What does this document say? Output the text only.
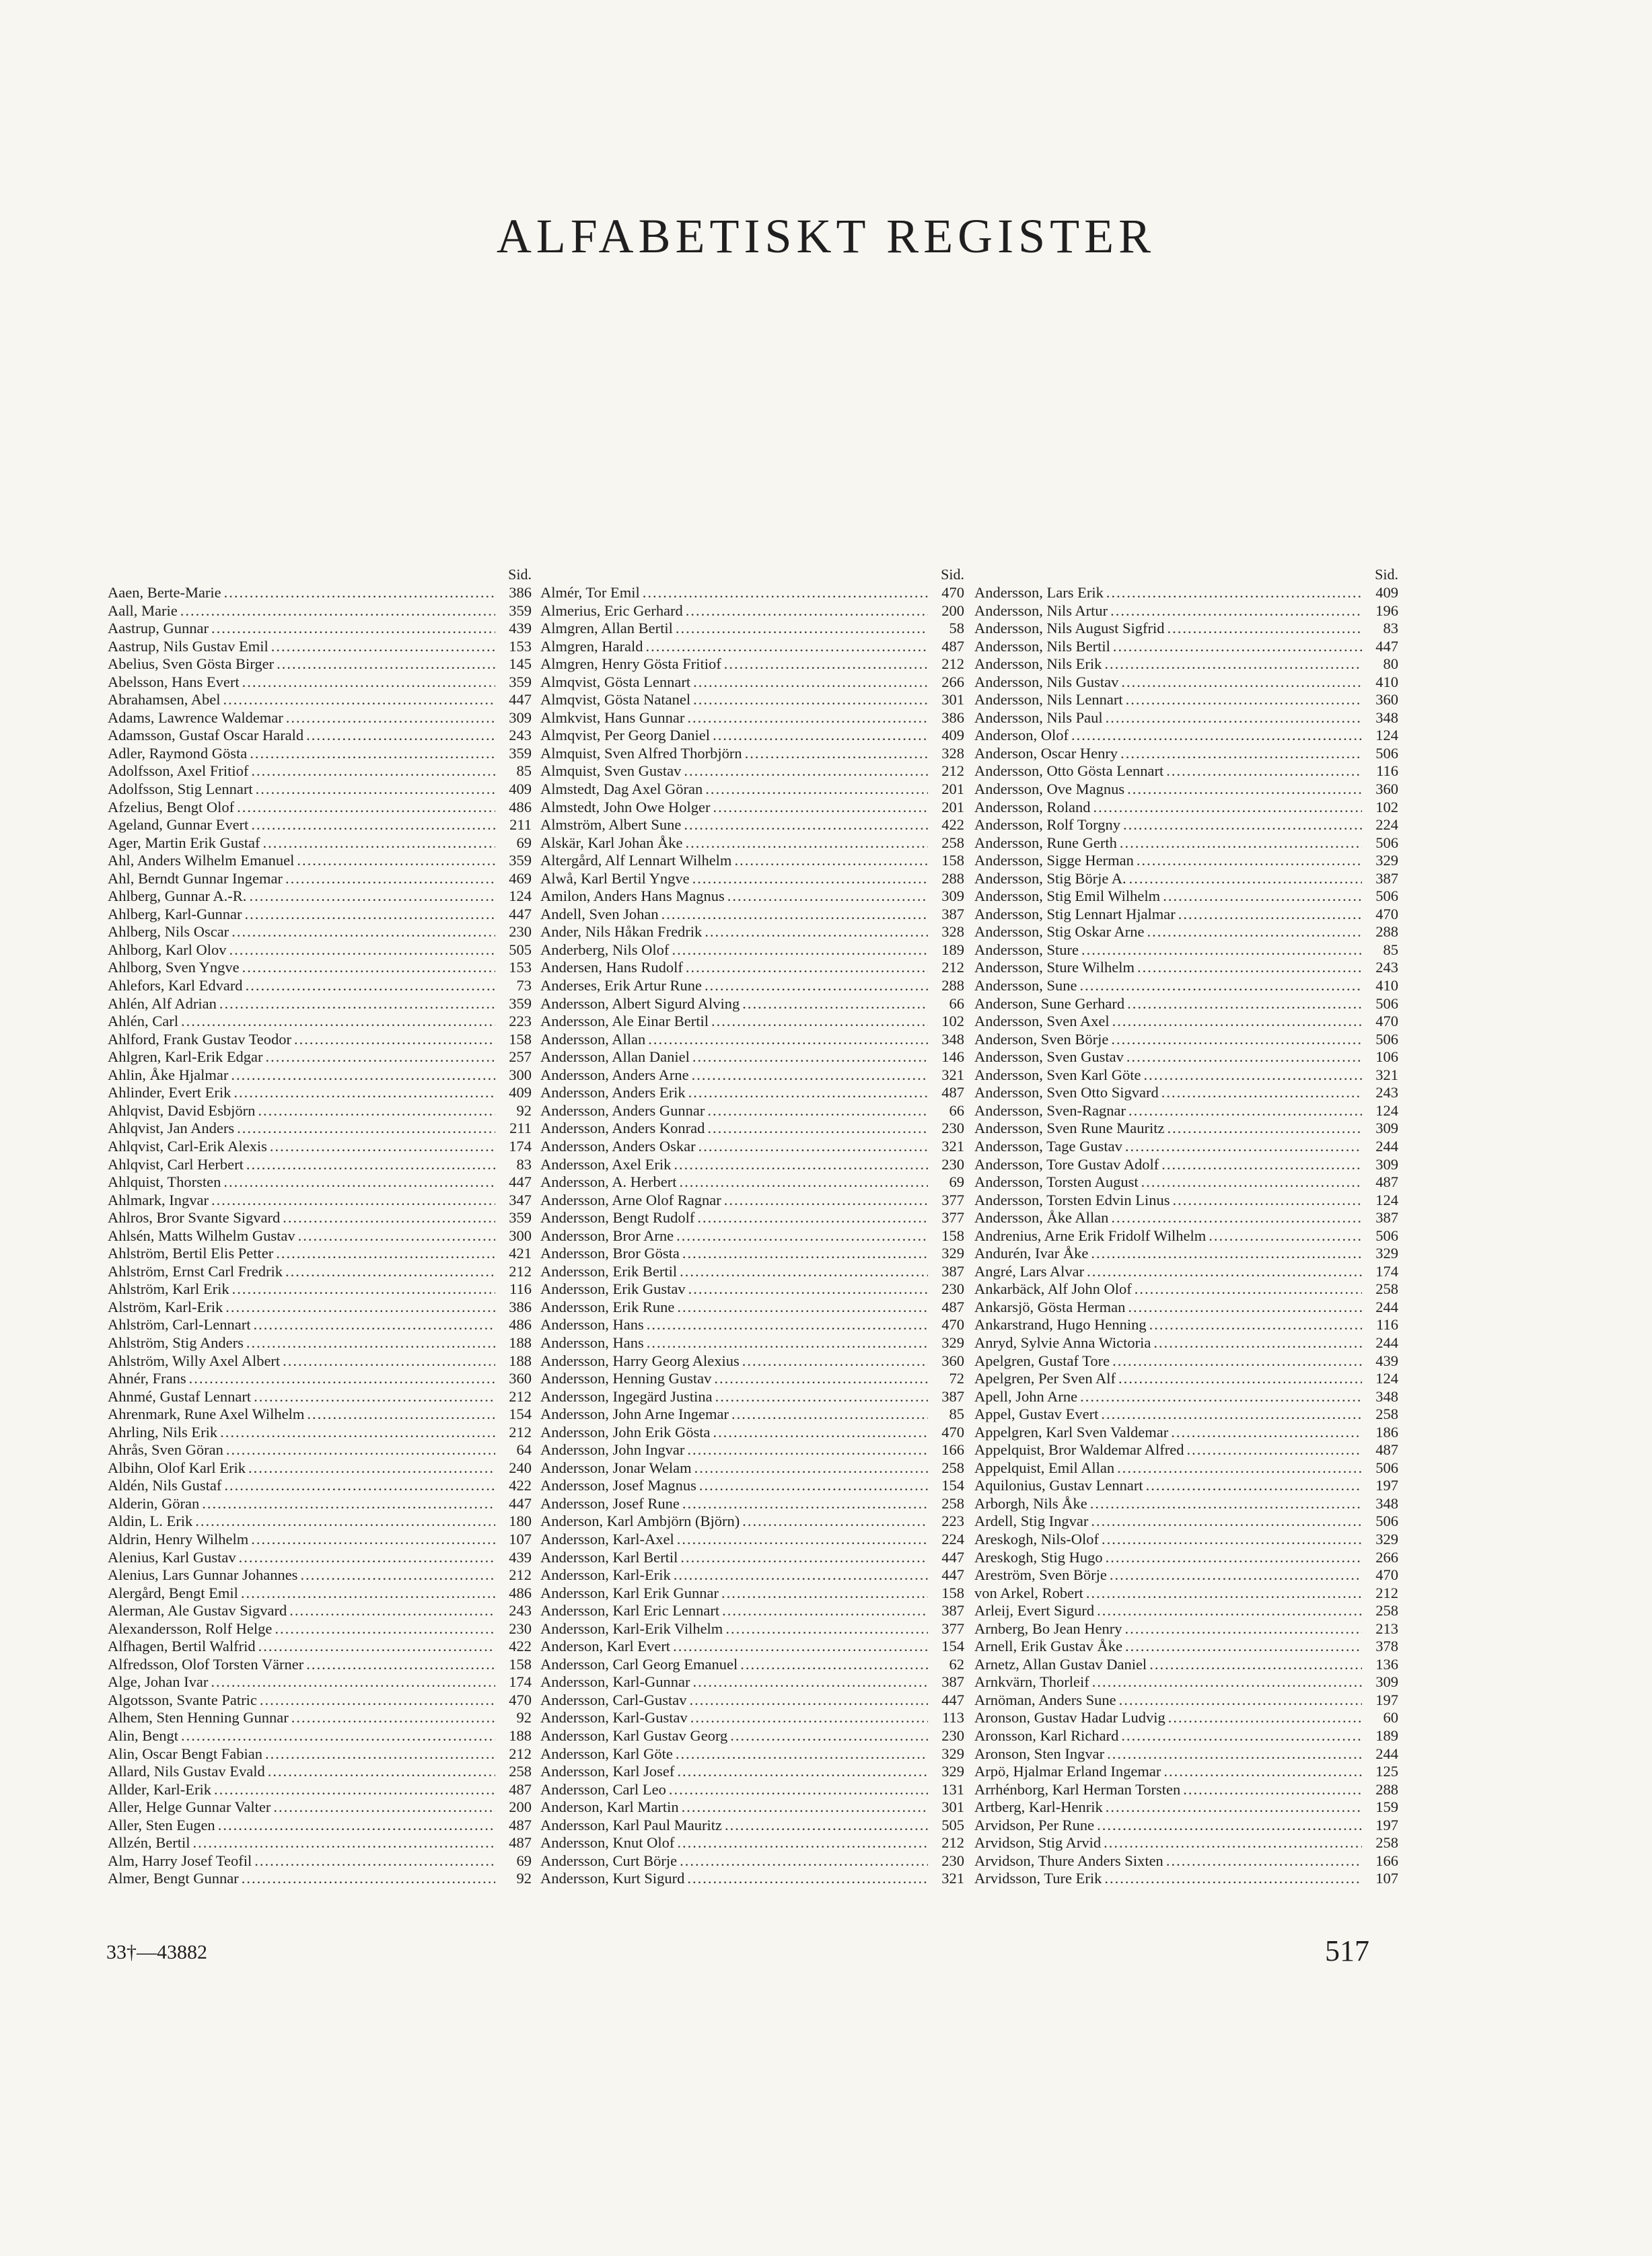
ALFABETISKT REGISTER
Sid.
Aaen, Berte-Marie .....	386
Aall, Marie .....	359
Aastrup, Gunnar .....	439
Aastrup, Nils Gustav Emil .....	153
Abelius, Sven Gösta Birger .....	145
Abelsson, Hans Evert .....	359
Abrahamsen, Abel .....	447
Adams, Lawrence Waldemar .....	309
Adamsson, Gustaf Oscar Harald .....	243
Adler, Raymond Gösta .....	359
Adolfsson, Axel Fritiof .....	85
Adolfsson, Stig Lennart .....	409
Afzelius, Bengt Olof .....	486
Ageland, Gunnar Evert .....	211
Ager, Martin Erik Gustaf .....	69
Ahl, Anders Wilhelm Emanuel .....	359
Ahl, Berndt Gunnar Ingemar .....	469
Ahlberg, Gunnar A.-R. .....	124
Ahlberg, Karl-Gunnar .....	447
Ahlberg, Nils Oscar .....	230
Ahlborg, Karl Olov .....	505
Ahlborg, Sven Yngve .....	153
Ahlefors, Karl Edvard .....	73
Ahlén, Alf Adrian .....	359
Ahlén, Carl .....	223
Ahlford, Frank Gustav Teodor .....	158
Ahlgren, Karl-Erik Edgar .....	257
Ahlin, Åke Hjalmar .....	300
Ahlinder, Evert Erik .....	409
Ahlqvist, David Esbjörn .....	92
Ahlqvist, Jan Anders .....	211
Ahlqvist, Carl-Erik Alexis .....	174
Ahlqvist, Carl Herbert .....	83
Ahlquist, Thorsten .....	447
Ahlmark, Ingvar .....	347
Ahlros, Bror Svante Sigvard .....	359
Ahlsén, Matts Wilhelm Gustav .....	300
Ahlström, Bertil Elis Petter .....	421
Ahlström, Ernst Carl Fredrik .....	212
Ahlström, Karl Erik .....	116
Alström, Karl-Erik .....	386
Ahlström, Carl-Lennart .....	486
Ahlström, Stig Anders .....	188
Ahlström, Willy Axel Albert .....	188
Ahnér, Frans .....	360
Ahnmé, Gustaf Lennart .....	212
Ahrenmark, Rune Axel Wilhelm .....	154
Ahrling, Nils Erik .....	212
Ahrås, Sven Göran .....	64
Albihn, Olof Karl Erik .....	240
Aldén, Nils Gustaf .....	422
Alderin, Göran .....	447
Aldin, L. Erik .....	180
Aldrin, Henry Wilhelm .....	107
Alenius, Karl Gustav .....	439
Alenius, Lars Gunnar Johannes .....	212
Alergård, Bengt Emil .....	486
Alerman, Ale Gustav Sigvard .....	243
Alexandersson, Rolf Helge .....	230
Alfhagen, Bertil Walfrid .....	422
Alfredsson, Olof Torsten Värner .....	158
Alge, Johan Ivar .....	174
Algotsson, Svante Patric .....	470
Alhem, Sten Henning Gunnar .....	92
Alin, Bengt .....	188
Alin, Oscar Bengt Fabian .....	212
Allard, Nils Gustav Evald .....	258
Allder, Karl-Erik .....	487
Aller, Helge Gunnar Valter .....	200
Aller, Sten Eugen .....	487
Allzén, Bertil .....	487
Alm, Harry Josef Teofil .....	69
Almer, Bengt Gunnar .....	92
Sid.
Almér, Tor Emil .....	470
Almerius, Eric Gerhard .....	200
Almgren, Allan Bertil .....	58
Almgren, Harald .....	487
Almgren, Henry Gösta Fritiof .....	212
Almqvist, Gösta Lennart .....	266
Almqvist, Gösta Natanel .....	301
Almkvist, Hans Gunnar .....	386
Almqvist, Per Georg Daniel .....	409
Almquist, Sven Alfred Thorbjörn .....	328
Almquist, Sven Gustav .....	212
Almstedt, Dag Axel Göran .....	201
Almstedt, John Owe Holger .....	201
Almström, Albert Sune .....	422
Alskär, Karl Johan Åke .....	258
Altergård, Alf Lennart Wilhelm .....	158
Alwå, Karl Bertil Yngve .....	288
Amilon, Anders Hans Magnus .....	309
Andell, Sven Johan .....	387
Ander, Nils Håkan Fredrik .....	328
Anderberg, Nils Olof .....	189
Andersen, Hans Rudolf .....	212
Anderses, Erik Artur Rune .....	288
Andersson, Albert Sigurd Alving .....	66
Andersson, Ale Einar Bertil .....	102
Andersson, Allan .....	348
Andersson, Allan Daniel .....	146
Andersson, Anders Arne .....	321
Andersson, Anders Erik .....	487
Andersson, Anders Gunnar .....	66
Andersson, Anders Konrad .....	230
Andersson, Anders Oskar .....	321
Andersson, Axel Erik .....	230
Andersson, A. Herbert .....	69
Andersson, Arne Olof Ragnar .....	377
Andersson, Bengt Rudolf .....	377
Andersson, Bror Arne .....	158
Andersson, Bror Gösta .....	329
Andersson, Erik Bertil .....	387
Andersson, Erik Gustav .....	230
Andersson, Erik Rune .....	487
Andersson, Hans .....	470
Andersson, Hans .....	329
Andersson, Harry Georg Alexius .....	360
Andersson, Henning Gustav .....	72
Andersson, Ingegärd Justina .....	387
Andersson, John Arne Ingemar .....	85
Andersson, John Erik Gösta .....	470
Andersson, John Ingvar .....	166
Andersson, Jonar Welam .....	258
Andersson, Josef Magnus .....	154
Andersson, Josef Rune .....	258
Anderson, Karl Ambjörn (Björn) .....	223
Andersson, Karl-Axel .....	224
Andersson, Karl Bertil .....	447
Andersson, Karl-Erik .....	447
Andersson, Karl Erik Gunnar .....	158
Andersson, Karl Eric Lennart .....	387
Andersson, Karl-Erik Vilhelm .....	377
Anderson, Karl Evert .....	154
Andersson, Carl Georg Emanuel .....	62
Andersson, Karl-Gunnar .....	387
Andersson, Carl-Gustav .....	447
Andersson, Karl-Gustav .....	113
Andersson, Karl Gustav Georg .....	230
Andersson, Karl Göte .....	329
Andersson, Karl Josef .....	329
Andersson, Carl Leo .....	131
Anderson, Karl Martin .....	301
Andersson, Karl Paul Mauritz .....	505
Andersson, Knut Olof .....	212
Andersson, Curt Börje .....	230
Andersson, Kurt Sigurd .....	321
Sid.
Andersson, Lars Erik .....	409
Andersson, Nils Artur .....	196
Andersson, Nils August Sigfrid .....	83
Andersson, Nils Bertil .....	447
Andersson, Nils Erik .....	80
Andersson, Nils Gustav .....	410
Andersson, Nils Lennart .....	360
Andersson, Nils Paul .....	348
Anderson, Olof .....	124
Anderson, Oscar Henry .....	506
Andersson, Otto Gösta Lennart .....	116
Andersson, Ove Magnus .....	360
Andersson, Roland .....	102
Andersson, Rolf Torgny .....	224
Andersson, Rune Gerth .....	506
Andersson, Sigge Herman .....	329
Andersson, Stig Börje A. .....	387
Andersson, Stig Emil Wilhelm .....	506
Andersson, Stig Lennart Hjalmar .....	470
Andersson, Stig Oskar Arne .....	288
Andersson, Sture .....	85
Andersson, Sture Wilhelm .....	243
Andersson, Sune .....	410
Anderson, Sune Gerhard .....	506
Andersson, Sven Axel .....	470
Anderson, Sven Börje .....	506
Andersson, Sven Gustav .....	106
Andersson, Sven Karl Göte .....	321
Andersson, Sven Otto Sigvard .....	243
Andersson, Sven-Ragnar .....	124
Andersson, Sven Rune Mauritz .....	309
Andersson, Tage Gustav .....	244
Andersson, Tore Gustav Adolf .....	309
Andersson, Torsten August .....	487
Andersson, Torsten Edvin Linus .....	124
Andersson, Åke Allan .....	387
Andrenius, Arne Erik Fridolf Wilhelm .....	506
Andurén, Ivar Åke .....	329
Angré, Lars Alvar .....	174
Ankarbäck, Alf John Olof .....	258
Ankarsjö, Gösta Herman .....	244
Ankarstrand, Hugo Henning .....	116
Anryd, Sylvie Anna Wictoria .....	244
Apelgren, Gustaf Tore .....	439
Apelgren, Per Sven Alf .....	124
Apell, John Arne .....	348
Appel, Gustav Evert .....	258
Appelgren, Karl Sven Valdemar .....	186
Appelquist, Bror Waldemar Alfred .....	487
Appelquist, Emil Allan .....	506
Aquilonius, Gustav Lennart .....	197
Arborgh, Nils Åke .....	348
Ardell, Stig Ingvar .....	506
Areskogh, Nils-Olof .....	329
Areskogh, Stig Hugo .....	266
Areström, Sven Börje .....	470
von Arkel, Robert .....	212
Arleij, Evert Sigurd .....	258
Arnberg, Bo Jean Henry .....	213
Arnell, Erik Gustav Åke .....	378
Arnetz, Allan Gustav Daniel .....	136
Arnkvärn, Thorleif .....	309
Arnöman, Anders Sune .....	197
Aronson, Gustav Hadar Ludvig .....	60
Aronsson, Karl Richard .....	189
Aronson, Sten Ingvar .....	244
Arpö, Hjalmar Erland Ingemar .....	125
Arrhénborg, Karl Herman Torsten .....	288
Artberg, Karl-Henrik .....	159
Arvidson, Per Rune .....	197
Arvidson, Stig Arvid .....	258
Arvidson, Thure Anders Sixten .....	166
Arvidsson, Ture Erik .....	107
33†—43882	517
